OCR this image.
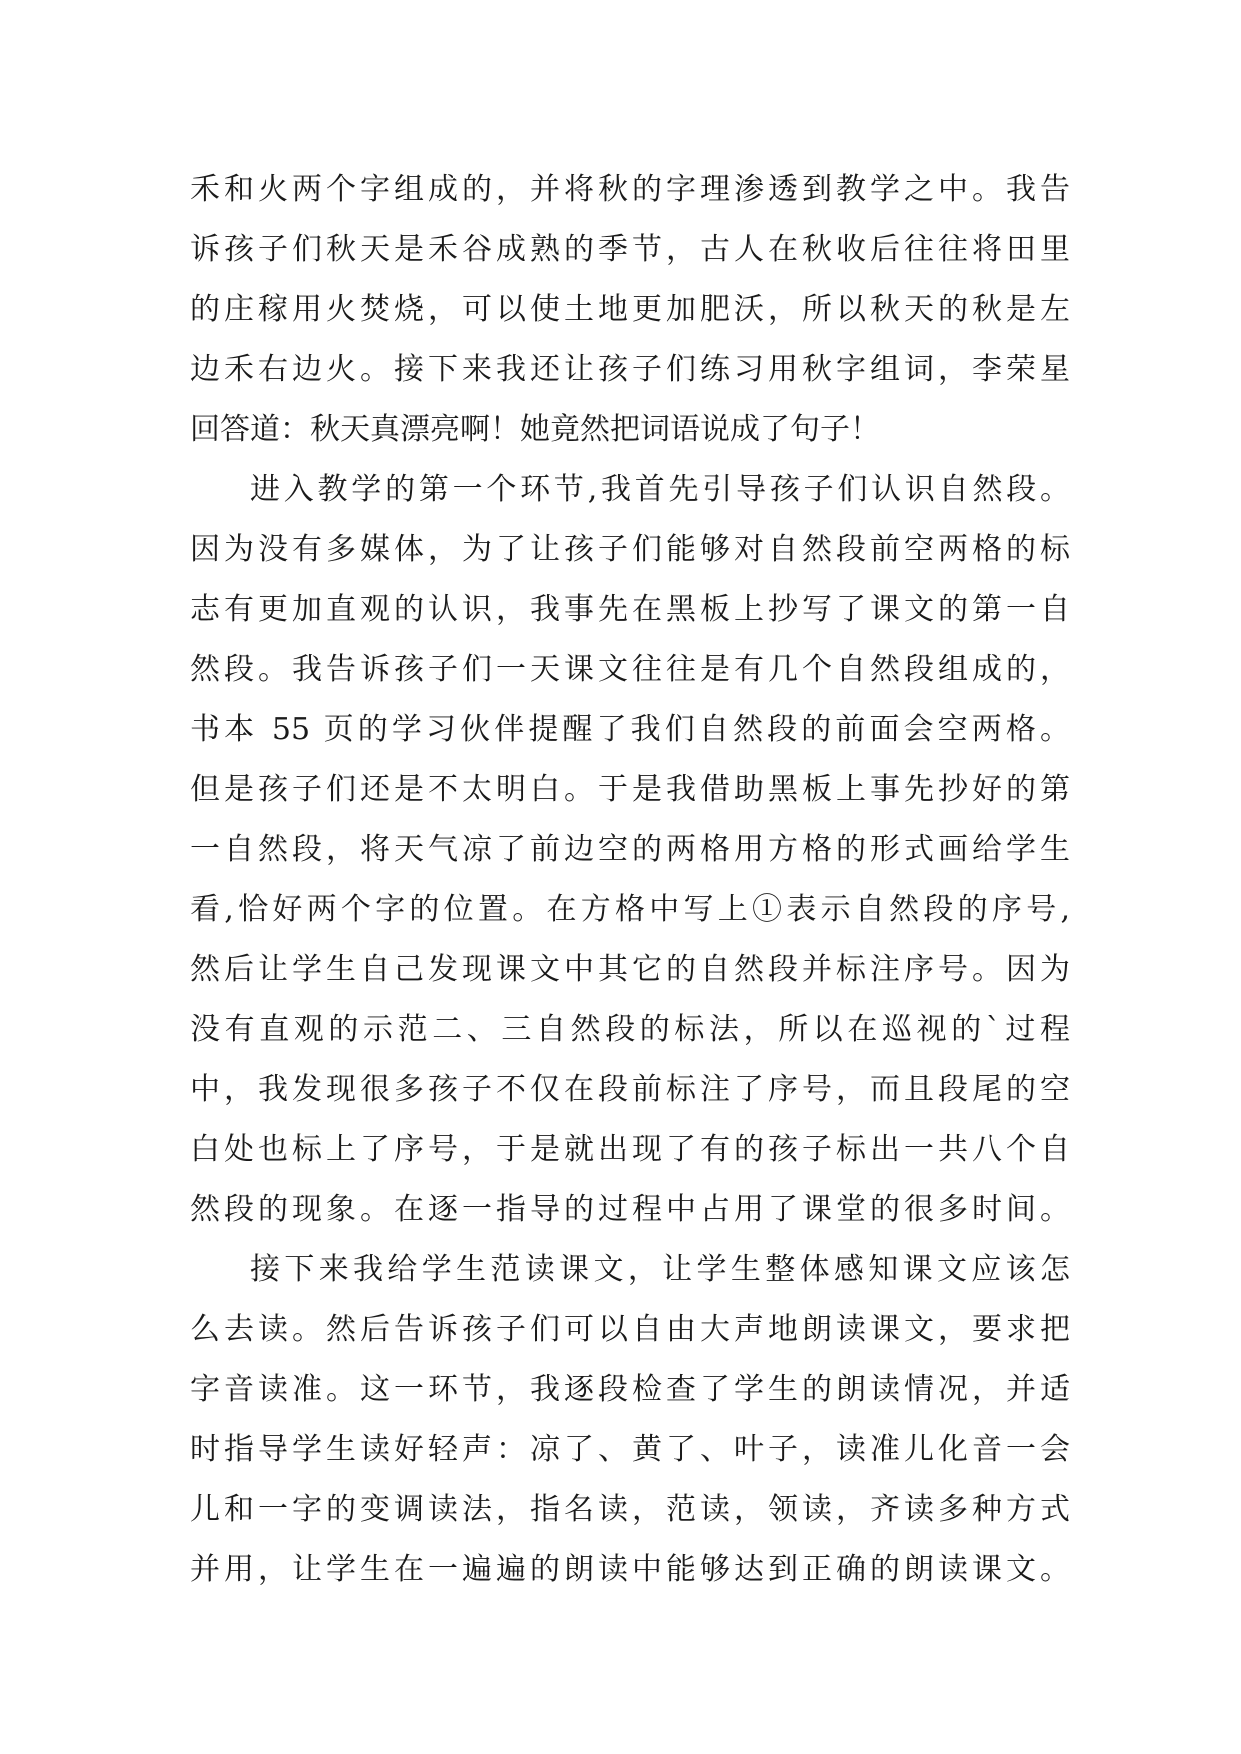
禾和火两个字组成的，并将秋的字理渗透到教学之中。我告
诉孩子们秋天是禾谷成熟的季节，古人在秋收后往往将田里
的庄稼用火焚烧，可以使土地更加肥沃，所以秋天的秋是左
边禾右边火。接下来我还让孩子们练习用秋字组词，李荣星
回答道：秋天真漂亮啊！她竟然把词语说成了句子！
进入教学的第一个环节,我首先引导孩子们认识自然段。
因为没有多媒体，为了让孩子们能够对自然段前空两格的标
志有更加直观的认识，我事先在黑板上抄写了课文的第一自
然段。我告诉孩子们一天课文往往是有几个自然段组成的，
书本 55 页的学习伙伴提醒了我们自然段的前面会空两格。
但是孩子们还是不太明白。于是我借助黑板上事先抄好的第
一自然段，将天气凉了前边空的两格用方格的形式画给学生
看,恰好两个字的位置。在方格中写上①表示自然段的序号,
然后让学生自己发现课文中其它的自然段并标注序号。因为
没有直观的示范二、三自然段的标法，所以在巡视的`过程
中，我发现很多孩子不仅在段前标注了序号，而且段尾的空
白处也标上了序号，于是就出现了有的孩子标出一共八个自
然段的现象。在逐一指导的过程中占用了课堂的很多时间。
接下来我给学生范读课文，让学生整体感知课文应该怎
么去读。然后告诉孩子们可以自由大声地朗读课文，要求把
字音读准。这一环节，我逐段检查了学生的朗读情况，并适
时指导学生读好轻声：凉了、黄了、叶子，读准儿化音一会
儿和一字的变调读法，指名读，范读，领读，齐读多种方式
并用，让学生在一遍遍的朗读中能够达到正确的朗读课文。
